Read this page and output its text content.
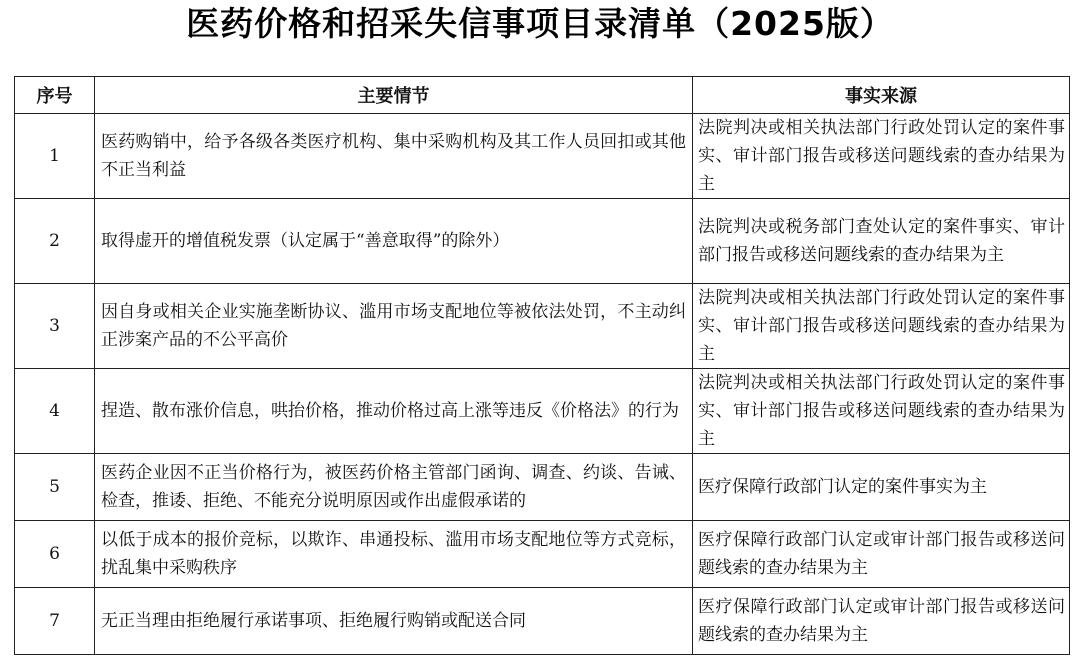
医药价格和招采失信事项目录清单（2025版）
序号	主要情节	事实来源
1	医药购销中，给予各级各类医疗机构、集中采购机构及其工作人员回扣或其他不正当利益	法院判决或相关执法部门行政处罚认定的案件事实、审计部门报告或移送问题线索的查办结果为主
2	取得虚开的增值税发票（认定属于“善意取得”的除外）	法院判决或税务部门查处认定的案件事实、审计部门报告或移送问题线索的查办结果为主
3	因自身或相关企业实施垄断协议、滥用市场支配地位等被依法处罚，不主动纠正涉案产品的不公平高价	法院判决或相关执法部门行政处罚认定的案件事实、审计部门报告或移送问题线索的查办结果为主
4	捏造、散布涨价信息，哄抬价格，推动价格过高上涨等违反《价格法》的行为	法院判决或相关执法部门行政处罚认定的案件事实、审计部门报告或移送问题线索的查办结果为主
5	医药企业因不正当价格行为，被医药价格主管部门函询、调查、约谈、告诫、检查，推诿、拒绝、不能充分说明原因或作出虚假承诺的	医疗保障行政部门认定的案件事实为主
6	以低于成本的报价竞标，以欺诈、串通投标、滥用市场支配地位等方式竞标，扰乱集中采购秩序	医疗保障行政部门认定或审计部门报告或移送问题线索的查办结果为主
7	无正当理由拒绝履行承诺事项、拒绝履行购销或配送合同	医疗保障行政部门认定或审计部门报告或移送问题线索的查办结果为主
